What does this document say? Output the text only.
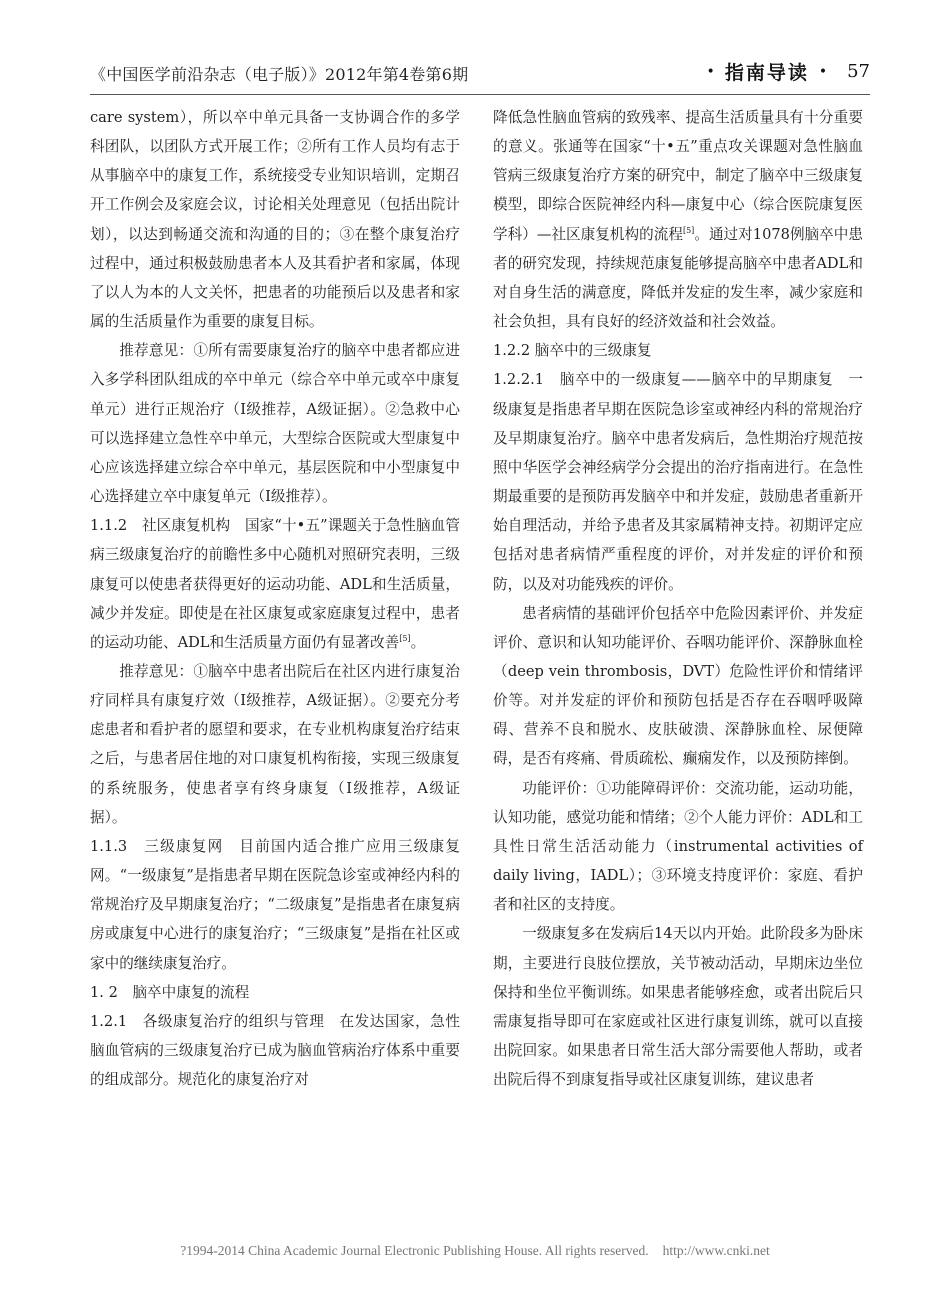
《中国医学前沿杂志（电子版）》2012年第4卷第6期	• 指南导读 • 57

care system），所以卒中单元具备一支协调合作的多学科团队，以团队方式开展工作；②所有工作人员均有志于从事脑卒中的康复工作，系统接受专业知识培训，定期召开工作例会及家庭会议，讨论相关处理意见（包括出院计划），以达到畅通交流和沟通的目的；③在整个康复治疗过程中，通过积极鼓励患者本人及其看护者和家属，体现了以人为本的人文关怀，把患者的功能预后以及患者和家属的生活质量作为重要的康复目标。

推荐意见：①所有需要康复治疗的脑卒中患者都应进入多学科团队组成的卒中单元（综合卒中单元或卒中康复单元）进行正规治疗（Ⅰ级推荐，A级证据）。②急救中心可以选择建立急性卒中单元，大型综合医院或大型康复中心应该选择建立综合卒中单元，基层医院和中小型康复中心选择建立卒中康复单元（Ⅰ级推荐）。

1.1.2　社区康复机构　国家“十•五”课题关于急性脑血管病三级康复治疗的前瞻性多中心随机对照研究表明，三级康复可以使患者获得更好的运动功能、ADL和生活质量，减少并发症。即使是在社区康复或家庭康复过程中，患者的运动功能、ADL和生活质量方面仍有显著改善[5]。

推荐意见：①脑卒中患者出院后在社区内进行康复治疗同样具有康复疗效（Ⅰ级推荐，A级证据）。②要充分考虑患者和看护者的愿望和要求，在专业机构康复治疗结束之后，与患者居住地的对口康复机构衔接，实现三级康复的系统服务，使患者享有终身康复（Ⅰ级推荐，A级证据）。

1.1.3　三级康复网　目前国内适合推广应用三级康复网。“一级康复”是指患者早期在医院急诊室或神经内科的常规治疗及早期康复治疗；“二级康复”是指患者在康复病房或康复中心进行的康复治疗；“三级康复”是指在社区或家中的继续康复治疗。

1. 2　脑卒中康复的流程

1.2.1　各级康复治疗的组织与管理　在发达国家，急性脑血管病的三级康复治疗已成为脑血管病治疗体系中重要的组成部分。规范化的康复治疗对

降低急性脑血管病的致残率、提高生活质量具有十分重要的意义。张通等在国家“十•五”重点攻关课题对急性脑血管病三级康复治疗方案的研究中，制定了脑卒中三级康复模型，即综合医院神经内科—康复中心（综合医院康复医学科）—社区康复机构的流程[5]。通过对1078例脑卒中患者的研究发现，持续规范康复能够提高脑卒中患者ADL和对自身生活的满意度，降低并发症的发生率，减少家庭和社会负担，具有良好的经济效益和社会效益。

1.2.2 脑卒中的三级康复

1.2.2.1　脑卒中的一级康复——脑卒中的早期康复　一级康复是指患者早期在医院急诊室或神经内科的常规治疗及早期康复治疗。脑卒中患者发病后，急性期治疗规范按照中华医学会神经病学分会提出的治疗指南进行。在急性期最重要的是预防再发脑卒中和并发症，鼓励患者重新开始自理活动，并给予患者及其家属精神支持。初期评定应包括对患者病情严重程度的评价，对并发症的评价和预防，以及对功能残疾的评价。

患者病情的基础评价包括卒中危险因素评价、并发症评价、意识和认知功能评价、吞咽功能评价、深静脉血栓（deep vein thrombosis，DVT）危险性评价和情绪评价等。对并发症的评价和预防包括是否存在吞咽呼吸障碍、营养不良和脱水、皮肤破溃、深静脉血栓、尿便障碍，是否有疼痛、骨质疏松、癫痫发作，以及预防摔倒。

功能评价：①功能障碍评价：交流功能，运动功能，认知功能，感觉功能和情绪；②个人能力评价：ADL和工具性日常生活活动能力（instrumental activities of daily living，IADL）；③环境支持度评价：家庭、看护者和社区的支持度。

一级康复多在发病后14天以内开始。此阶段多为卧床期，主要进行良肢位摆放，关节被动活动，早期床边坐位保持和坐位平衡训练。如果患者能够痊愈，或者出院后只需康复指导即可在家庭或社区进行康复训练，就可以直接出院回家。如果患者日常生活大部分需要他人帮助，或者出院后得不到康复指导或社区康复训练，建议患者

?1994-2014 China Academic Journal Electronic Publishing House. All rights reserved. http://www.cnki.net
